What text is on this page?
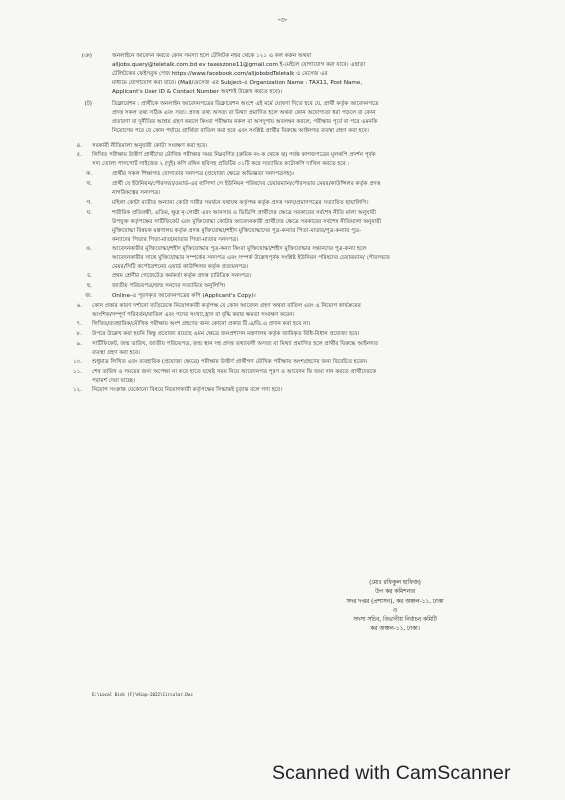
-৩-
(ঞ)	অনলাইনে আবেদন করতে কোন সমস্যা হলে টেলিটক নম্বর থেকে ১২১ এ কল করুন অথবা
alljobs.query@teletalk.com.bd ev taxeszone11@gmail.com ই-মেইলে যোগাযোগ করা যাবে। এছাড়া
টেলিটকের ফেইসবুক পেজ https://www.facebook.com/alljobsbdTeletalk এ মেসেজ এর
মাধ্যমে যোগাযোগ করা যাবে। (Mail/মেসেজ এর Subject-এ Organization Name : TAX11, Post Name,
Applicant's User ID & Contact Number অবশ্যই উল্লেখ করতে হবে)।
(ট)	ডিক্লারেশন : প্রার্থীকে অনলাইন আবেদনপত্রের ডিক্লারেশন অংশে এই মর্মে ঘোষণা দিতে হবে যে, প্রার্থী কর্তৃক আবেদনপত্রে
প্রদত্ত সকল তথ্য সঠিক এবং সত্য। প্রদত্ত তথ্য অসত্য বা মিথ্যা প্রমাণিত হলে অথবা কোন অযোগ্যতা ধরা পড়লে বা কোন
প্রতারণা বা দুর্নীতির আশ্রয় গ্রহণ করলে কিংবা পরীক্ষায় নকল বা অসদুপায় অবলম্বন করলে, পরীক্ষার পূর্বে বা পরে এমনকি
নিয়োগের পরে যে কোন পর্যায়ে প্রার্থিতা বাতিল করা হবে এবং সংশ্লিষ্ট প্রার্থীর বিরুদ্ধে আইনগত ব্যবস্থা গ্রহণ করা হবে।
৪. সরকারী নীতিমালা অনুযায়ী কোটা সংরক্ষণ করা হবে।
৫. লিখিত পরীক্ষায় উত্তীর্ণ প্রার্থীদের মৌখিক পরীক্ষার সময় নিম্নবর্ণিত (ক্রমিক নং-ক থেকে ঝ) পর্যন্ত কাগজপত্রের মূলকপি প্রদর্শন পূর্বক
সদ্য তোলা পাসপোর্ট সাইজের ২ (দুই) কপি রঙ্গিন ছবিসহ প্রতিটির ০১টি করে সত্যায়িত ফটোকপি দাখিল করতে হবে :
ক.	প্রার্থীর সকল শিক্ষাগত যোগ্যতার সনদপত্র (প্রযোজ্য ক্ষেত্রে অভিজ্ঞতা সনদপত্রসহ)।
খ.	প্রার্থী যে ইউনিয়ন/পৌরসভা/ওয়ার্ড-এর বাসিন্দা সে ইউনিয়ন পরিষদের চেয়ারম্যান/পৌরসভার মেয়র/কাউন্সিলর কর্তৃক প্রদত্ত
নাগরিকত্বের সনদপত্র।
গ.	মহিলা কোটা ব্যতীত অন্যান্য কোটা দাবীর সমর্থনে যথাযথ কর্তৃপক্ষ কর্তৃক প্রদত্ত সনদ/প্রমাণপত্রের সত্যায়িত ছায়ালিপি।
ঘ.	শারীরিক প্রতিবন্ধী, এতিম, ক্ষুদ্র নৃ-গোষ্ঠী এবং আনসার ও ভিডিপি প্রার্থীদের ক্ষেত্রে সরকারের সর্বশেষ নীতি মালা অনুযায়ী
উপযুক্ত কর্তৃপক্ষের সার্টিফিকেট এবং মুক্তিযোদ্ধা কোটার আবেদনকারী প্রার্থীদের ক্ষেত্রে সরকারের সর্বশেষ নীতিমালা অনুযায়ী
মুক্তিযোদ্ধা বিষয়ক মন্ত্রণালয় কর্তৃক প্রদত্ত মুক্তিযোদ্ধা/শহীদ মুক্তিযোদ্ধাদের পুত্র-কন্যার পিতা-মাতার/পুত্র-কন্যার পুত্র-
কন্যাদের পিতার পিতা-মাতা/মাতার পিতা-মাতার সনদপত্র।
ঙ.	আবেদনকারীর মুক্তিযোদ্ধা/শহীদ মুক্তিযোদ্ধার পুত্র-কন্যা কিংবা মুক্তিযোদ্ধা/শহীদ মুক্তিযোদ্ধার সন্তানদের পুত্র-কন্যা হলে
আবেদনকারীর সাথে মুক্তিযোদ্ধার সম্পর্কের সনদপত্র এবং সম্পর্ক উল্লেখপূর্বক সংশ্লিষ্ট ইউনিয়ন পরিষদের চেয়ারম্যান/ পৌরসভার
মেয়র/সিটি কর্পোরেশনের ওয়ার্ড কাউন্সিলর কর্তৃক প্রত্যয়নপত্র।
চ.	প্রথম শ্রেণীর গেজেটেড কর্মকর্তা কর্তৃক প্রদত্ত চারিত্রিক সনদপত্র।
ছ.	জাতীয় পরিচয়পত্র/জন্ম সনদের সত্যায়িত অনুলিপি।
জ.	Online-এ পূরণকৃত আবেদনপত্রের কপি (Applicant's Copy)।
৬. কোন প্রকার কারণ দর্শানো ব্যতিরেকে নিয়োগকারী কর্তৃপক্ষ যে কোন আবেদন গ্রহণ অথবা বাতিল এবং এ নিয়োগ কার্যক্রমের
আংশিক/সম্পূর্ণ পরিবর্তন/বাতিল এবং পদের সংখ্যা,হ্রাস বা বৃদ্ধি করার ক্ষমতা সংরক্ষণ করেন।
৭. লিখিত/ব্যবহারিক/মৌখিক পরীক্ষায় অংশ গ্রহণের জন্য কোনো প্রকার টি.এ/ডি.এ প্রদান করা হবে না।
৮. উপরে উল্লেখ করা হয়নি কিন্তু প্রযোজ্য রয়েছে এমন ক্ষেত্রে জনপ্রশাসন মন্ত্রণালয় কর্তৃক জারিকৃত বিধি-বিধান প্রযোজ্য হবে।
৯. সার্টিফিকেট, জন্ম তারিখ, জাতীয় পরিচয়পত্র, জন্ম স্থান সহ প্রদত্ত তথ্যাবলী অসত্য বা মিথ্যা প্রমাণিত হলে প্রার্থীর বিরুদ্ধে আইনগত
ব্যবস্থা গ্রহণ করা হবে।
১০. শুধুমাত্র লিখিত এবং ব্যবহারিক (প্রযোজ্য ক্ষেত্রে) পরীক্ষায় উত্তীর্ণ প্রার্থীগণ মৌখিক পরীক্ষায় অংশগ্রহণের জন্য বিবেচিত হবেন।
১১. শেষ তারিখ ও সময়ের জন্য অপেক্ষা না করে হাতে যথেষ্ট সময় নিয়ে আবেদনপত্র পূরণ ও আবেদন ফি জমা দান করতে প্রার্থীদেরকে
পরামর্শ দেয়া যাচ্ছে।
১২. নিয়োগ সংক্রান্ত যেকোনো বিষয়ে নিয়োগকারী কর্তৃপক্ষের সিদ্ধান্তই চূড়ান্ত বলে গণ্য হবে।
(মোঃ রফিকুল হাফিজ)
উপ কর কমিশনার
সদর দপ্তর (প্রশাসন), কর অঞ্চল-১১, ঢাকা
ও
সদস্য সচিব, বিভাগীয় নির্বাচন কমিটি
কর অঞ্চল-১১, ঢাকা।
E:\Local Disk (F)\Hiop-2022\Circular.Doc
Scanned with CamScanner
